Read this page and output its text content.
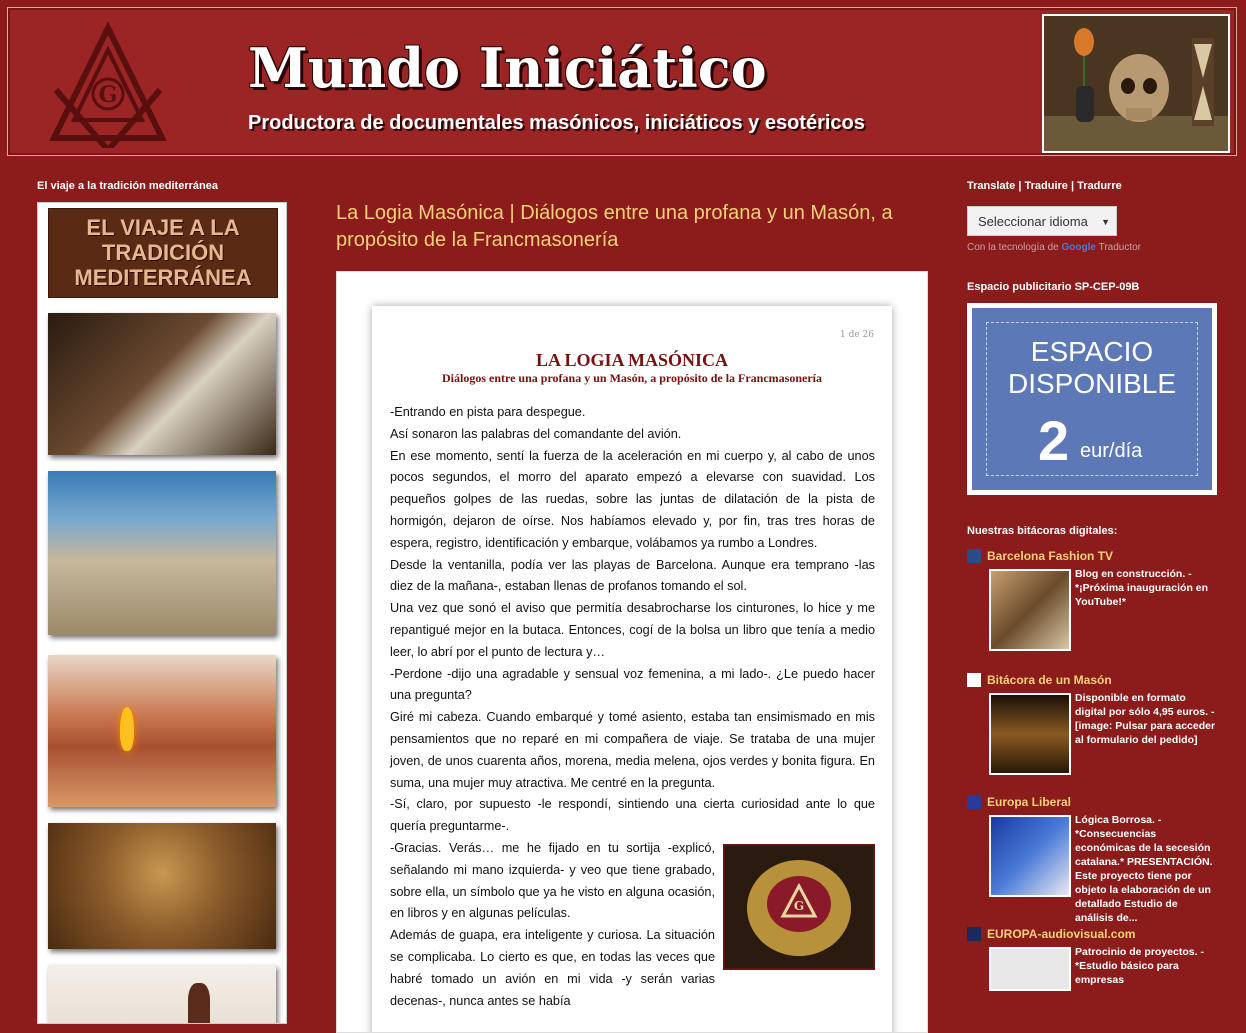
G Mundo Iniciático
Productora de documentales masónicos, iniciáticos y esotéricos
El viaje a la tradición mediterránea
EL VIAJE A LA TRADICIÓN MEDITERRÁNEA
La Logia Masónica | Diálogos entre una profana y un Masón, a propósito de la Francmasonería
1 de 26
LA LOGIA MASÓNICA
Diálogos entre una profana y un Masón, a propósito de la Francmasonería

-Entrando en pista para despegue.

Así sonaron las palabras del comandante del avión.

En ese momento, sentí la fuerza de la aceleración en mi cuerpo y, al cabo de unos pocos segundos, el morro del aparato empezó a elevarse con suavidad. Los pequeños golpes de las ruedas, sobre las juntas de dilatación de la pista de hormigón, dejaron de oírse. Nos habíamos elevado y, por fin, tras tres horas de espera, registro, identificación y embarque, volábamos ya rumbo a Londres.

Desde la ventanilla, podía ver las playas de Barcelona. Aunque era temprano -las diez de la mañana-, estaban llenas de profanos tomando el sol.

Una vez que sonó el aviso que permitía desabrocharse los cinturones, lo hice y me repantigué mejor en la butaca. Entonces, cogí de la bolsa un libro que tenía a medio leer, lo abrí por el punto de lectura y…

-Perdone -dijo una agradable y sensual voz femenina, a mi lado-. ¿Le puedo hacer una pregunta?

Giré mi cabeza. Cuando embarqué y tomé asiento, estaba tan ensimismado en mis pensamientos que no reparé en mi compañera de viaje. Se trataba de una mujer joven, de unos cuarenta años, morena, media melena, ojos verdes y bonita figura. En suma, una mujer muy atractiva. Me centré en la pregunta.

-Sí, claro, por supuesto -le respondí, sintiendo una cierta curiosidad ante lo que quería preguntarme-.

G

-Gracias. Verás… me he fijado en tu sortija -explicó, señalando mi mano izquierda- y veo que tiene grabado, sobre ella, un símbolo que ya he visto en alguna ocasión, en libros y en algunas películas.

Además de guapa, era inteligente y curiosa. La situación se complicaba. Lo cierto es que, en todas las veces que habré tomado un avión en mi vida -y serán varias decenas-, nunca antes se había

Translate | Traduire | Tradurre
Seleccionar idioma ▼
Con la tecnología de Google Traductor
Espacio publicitario SP-CEP-09B
ESPACIO
DISPONIBLE
2 eur/día
Nuestras bitácoras digitales:
Barcelona Fashion TV
Blog en construcción. - *¡Próxima inauguración en YouTube!*
Bitácora de un Masón
Disponible en formato digital por sólo 4,95 euros. - [image: Pulsar para acceder al formulario del pedido]
Europa Liberal
Lógica Borrosa. - *Consecuencias económicas de la secesión catalana.* PRESENTACIÓN. Este proyecto tiene por objeto la elaboración de un detallado Estudio de análisis de...
EUROPA-audiovisual.com
Patrocinio de proyectos. - *Estudio básico para empresas
